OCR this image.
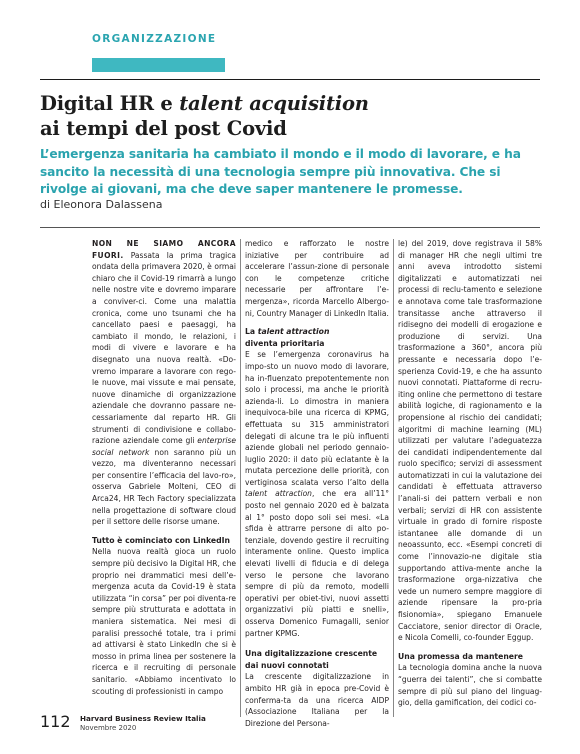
ORGANIZZAZIONE
Digital HR e talent acquisition
ai tempi del post Covid
L’emergenza sanitaria ha cambiato il mondo e il modo di lavorare, e ha sancito la necessità di una tecnologia sempre più innovativa. Che si rivolge ai giovani, ma che deve saper mantenere le promesse.
di Eleonora Dalassena

NON NE SIAMO ANCORA FUORI. Passata la prima tragica ondata della primavera 2020, è ormai chiaro che il Covid-19 rimarrà a lungo nelle nostre vite e dovremo imparare a conviver-ci. Come una malattia cronica, come uno tsunami che ha cancellato paesi e paesaggi, ha cambiato il mondo, le relazioni, i modi di vivere e lavorare e ha disegnato una nuova realtà. «Do-vremo imparare a lavorare con rego-le nuove, mai vissute e mai pensate, nuove dinamiche di organizzazione aziendale che dovranno passare ne-cessariamente dal reparto HR. Gli strumenti di condivisione e collabo-razione aziendale come gli enterprise social network non saranno più un vezzo, ma diventeranno necessari per consentire l’efficacia del lavo-ro», osserva Gabriele Molteni, CEO di Arca24, HR Tech Factory specializzata nella progettazione di software cloud per il settore delle risorse umane.

Tutto è cominciato con LinkedIn

Nella nuova realtà gioca un ruolo sempre più decisivo la Digital HR, che proprio nei drammatici mesi dell’e-mergenza acuta da Covid-19 è stata utilizzata “in corsa” per poi diventa-re sempre più strutturata e adottata in maniera sistematica. Nei mesi di paralisi pressoché totale, tra i primi ad attivarsi è stato LinkedIn che si è mosso in prima linea per sostenere la ricerca e il recruiting di personale sanitario. «Abbiamo incentivato lo scouting di professionisti in campo

medico e rafforzato le nostre iniziative per contribuire ad accelerare l’assun-zione di personale con le competenze critiche necessarie per affrontare l’e-mergenza», ricorda Marcello Albergo-ni, Country Manager di LinkedIn Italia.

La talent attraction
diventa prioritaria

E se l’emergenza coronavirus ha impo-sto un nuovo modo di lavorare, ha in-fluenzato prepotentemente non solo i processi, ma anche le priorità azienda-li. Lo dimostra in maniera inequivoca-bile una ricerca di KPMG, effettuata su 315 amministratori delegati di alcune tra le più influenti aziende globali nel periodo gennaio-luglio 2020: il dato più eclatante è la mutata percezione delle priorità, con vertiginosa scalata verso l’alto della talent attraction, che era all’11° posto nel gennaio 2020 ed è balzata al 1° posto dopo soli sei mesi. «La sfida è attrarre persone di alto po-tenziale, dovendo gestire il recruiting interamente online. Questo implica elevati livelli di fiducia e di delega verso le persone che lavorano sempre di più da remoto, modelli operativi per obiet-tivi, nuovi assetti organizzativi più piatti e snelli», osserva Domenico Fumagalli, senior partner KPMG.

Una digitalizzazione crescente dai nuovi connotati

La crescente digitalizzazione in ambito HR già in epoca pre-Covid è conferma-ta da una ricerca AIDP (Associazione Italiana per la Direzione del Persona-

le) del 2019, dove registrava il 58% di manager HR che negli ultimi tre anni aveva introdotto sistemi digitalizzati e automatizzati nei processi di reclu-tamento e selezione e annotava come tale trasformazione transitasse anche attraverso il ridisegno dei modelli di erogazione e produzione di servizi. Una trasformazione a 360°, ancora più pressante e necessaria dopo l’e-sperienza Covid-19, e che ha assunto nuovi connotati. Piattaforme di recru-iting online che permettono di testare abilità logiche, di ragionamento e la propensione al rischio dei candidati; algoritmi di machine learning (ML) utilizzati per valutare l’adeguatezza dei candidati indipendentemente dal ruolo specifico; servizi di assessment automatizzati in cui la valutazione dei candidati è effettuata attraverso l’anali-si dei pattern verbali e non verbali; servizi di HR con assistente virtuale in grado di fornire risposte istantanee alle domande di un neoassunto, ecc. «Esempi concreti di come l’innovazio-ne digitale stia supportando attiva-mente anche la trasformazione orga-nizzativa che vede un numero sempre maggiore di aziende ripensare la pro-pria fisionomia», spiegano Emanuele Cacciatore, senior director di Oracle, e Nicola Comelli, co-founder Eggup.

Una promessa da mantenere

La tecnologia domina anche la nuova “guerra dei talenti”, che si combatte sempre di più sul piano del linguag-gio, della gamification, dei codici co-

112 Harvard Business Review Italia
Novembre 2020
